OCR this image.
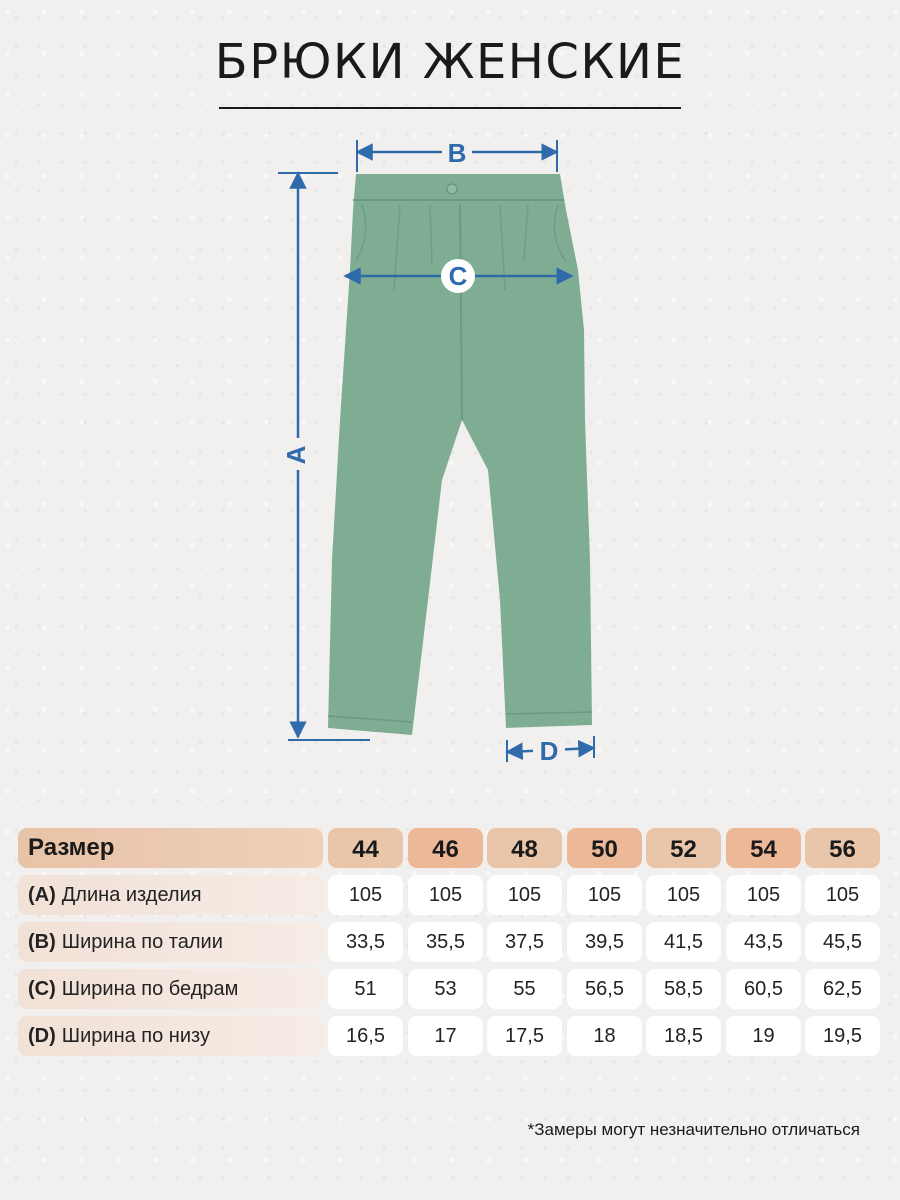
БРЮКИ ЖЕНСКИЕ
B
C
A
D
Размер	44	46	48	50	52	54	56
(A) Длина изделия	105	105	105	105	105	105	105
(B) Ширина по талии	33,5	35,5	37,5	39,5	41,5	43,5	45,5
(C) Ширина по бедрам	51	53	55	56,5	58,5	60,5	62,5
(D) Ширина по низу	16,5	17	17,5	18	18,5	19	19,5
*Замеры могут незначительно отличаться
